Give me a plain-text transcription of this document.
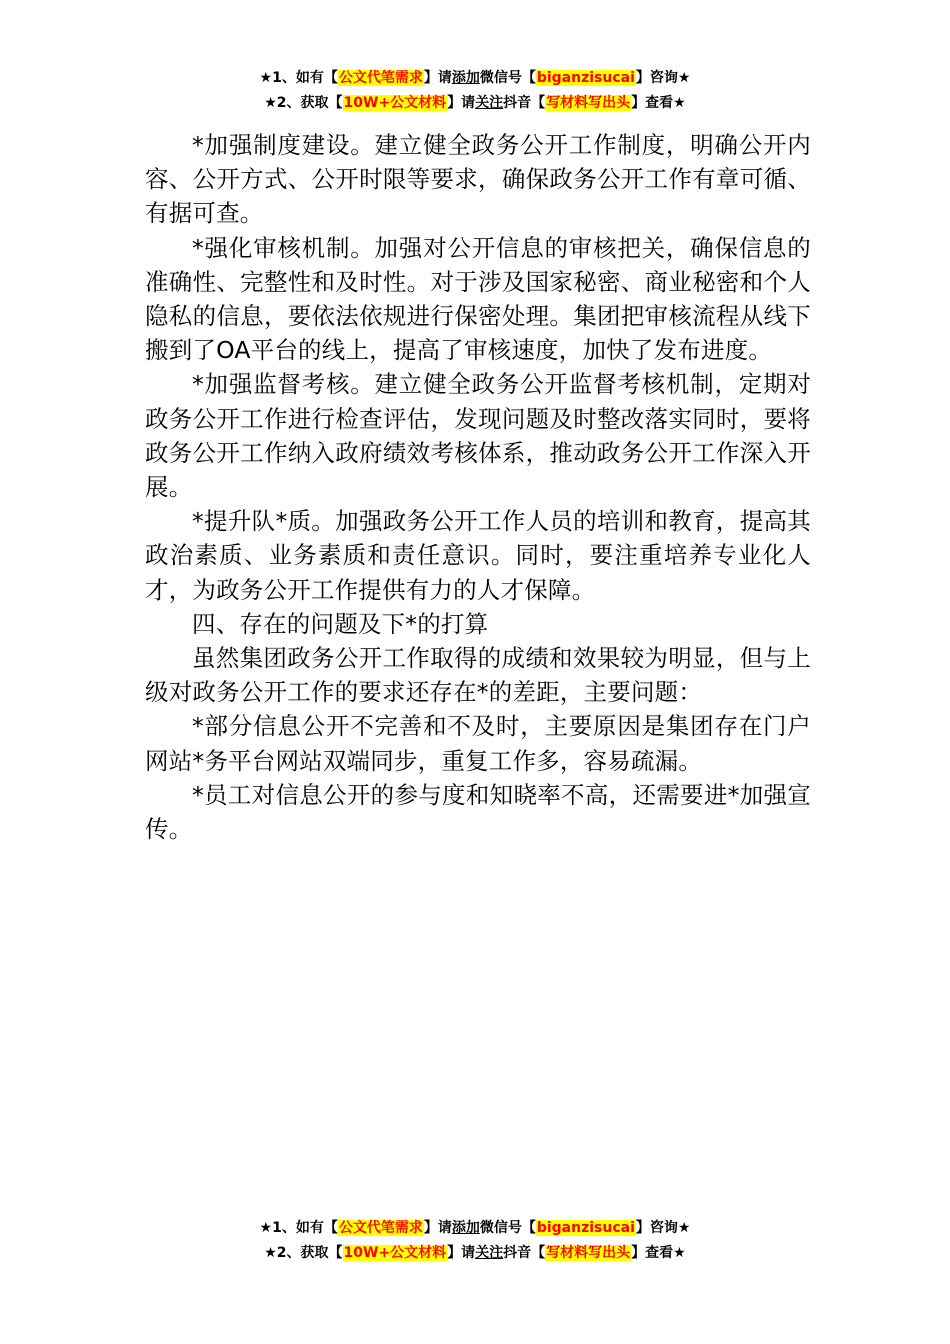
★1、如有【公文代笔需求】请添加微信号【biganzisucai】咨询★
★2、获取【10W+公文材料】请关注抖音【写材料写出头】查看★

*加强制度建设。建立健全政务公开工作制度，明确公开内容、公开方式、公开时限等要求，确保政务公开工作有章可循、有据可查。

*强化审核机制。加强对公开信息的审核把关，确保信息的准确性、完整性和及时性。对于涉及国家秘密、商业秘密和个人隐私的信息，要依法依规进行保密处理。集团把审核流程从线下搬到了OA平台的线上，提高了审核速度，加快了发布进度。

*加强监督考核。建立健全政务公开监督考核机制，定期对政务公开工作进行检查评估，发现问题及时整改落实同时，要将政务公开工作纳入政府绩效考核体系，推动政务公开工作深入开展。

*提升队*质。加强政务公开工作人员的培训和教育，提高其政治素质、业务素质和责任意识。同时，要注重培养专业化人才，为政务公开工作提供有力的人才保障。

四、存在的问题及下*的打算

虽然集团政务公开工作取得的成绩和效果较为明显，但与上级对政务公开工作的要求还存在*的差距，主要问题：

*部分信息公开不完善和不及时，主要原因是集团存在门户网站*务平台网站双端同步，重复工作多，容易疏漏。

*员工对信息公开的参与度和知晓率不高，还需要进*加强宣传。

★1、如有【公文代笔需求】请添加微信号【biganzisucai】咨询★
★2、获取【10W+公文材料】请关注抖音【写材料写出头】查看★
